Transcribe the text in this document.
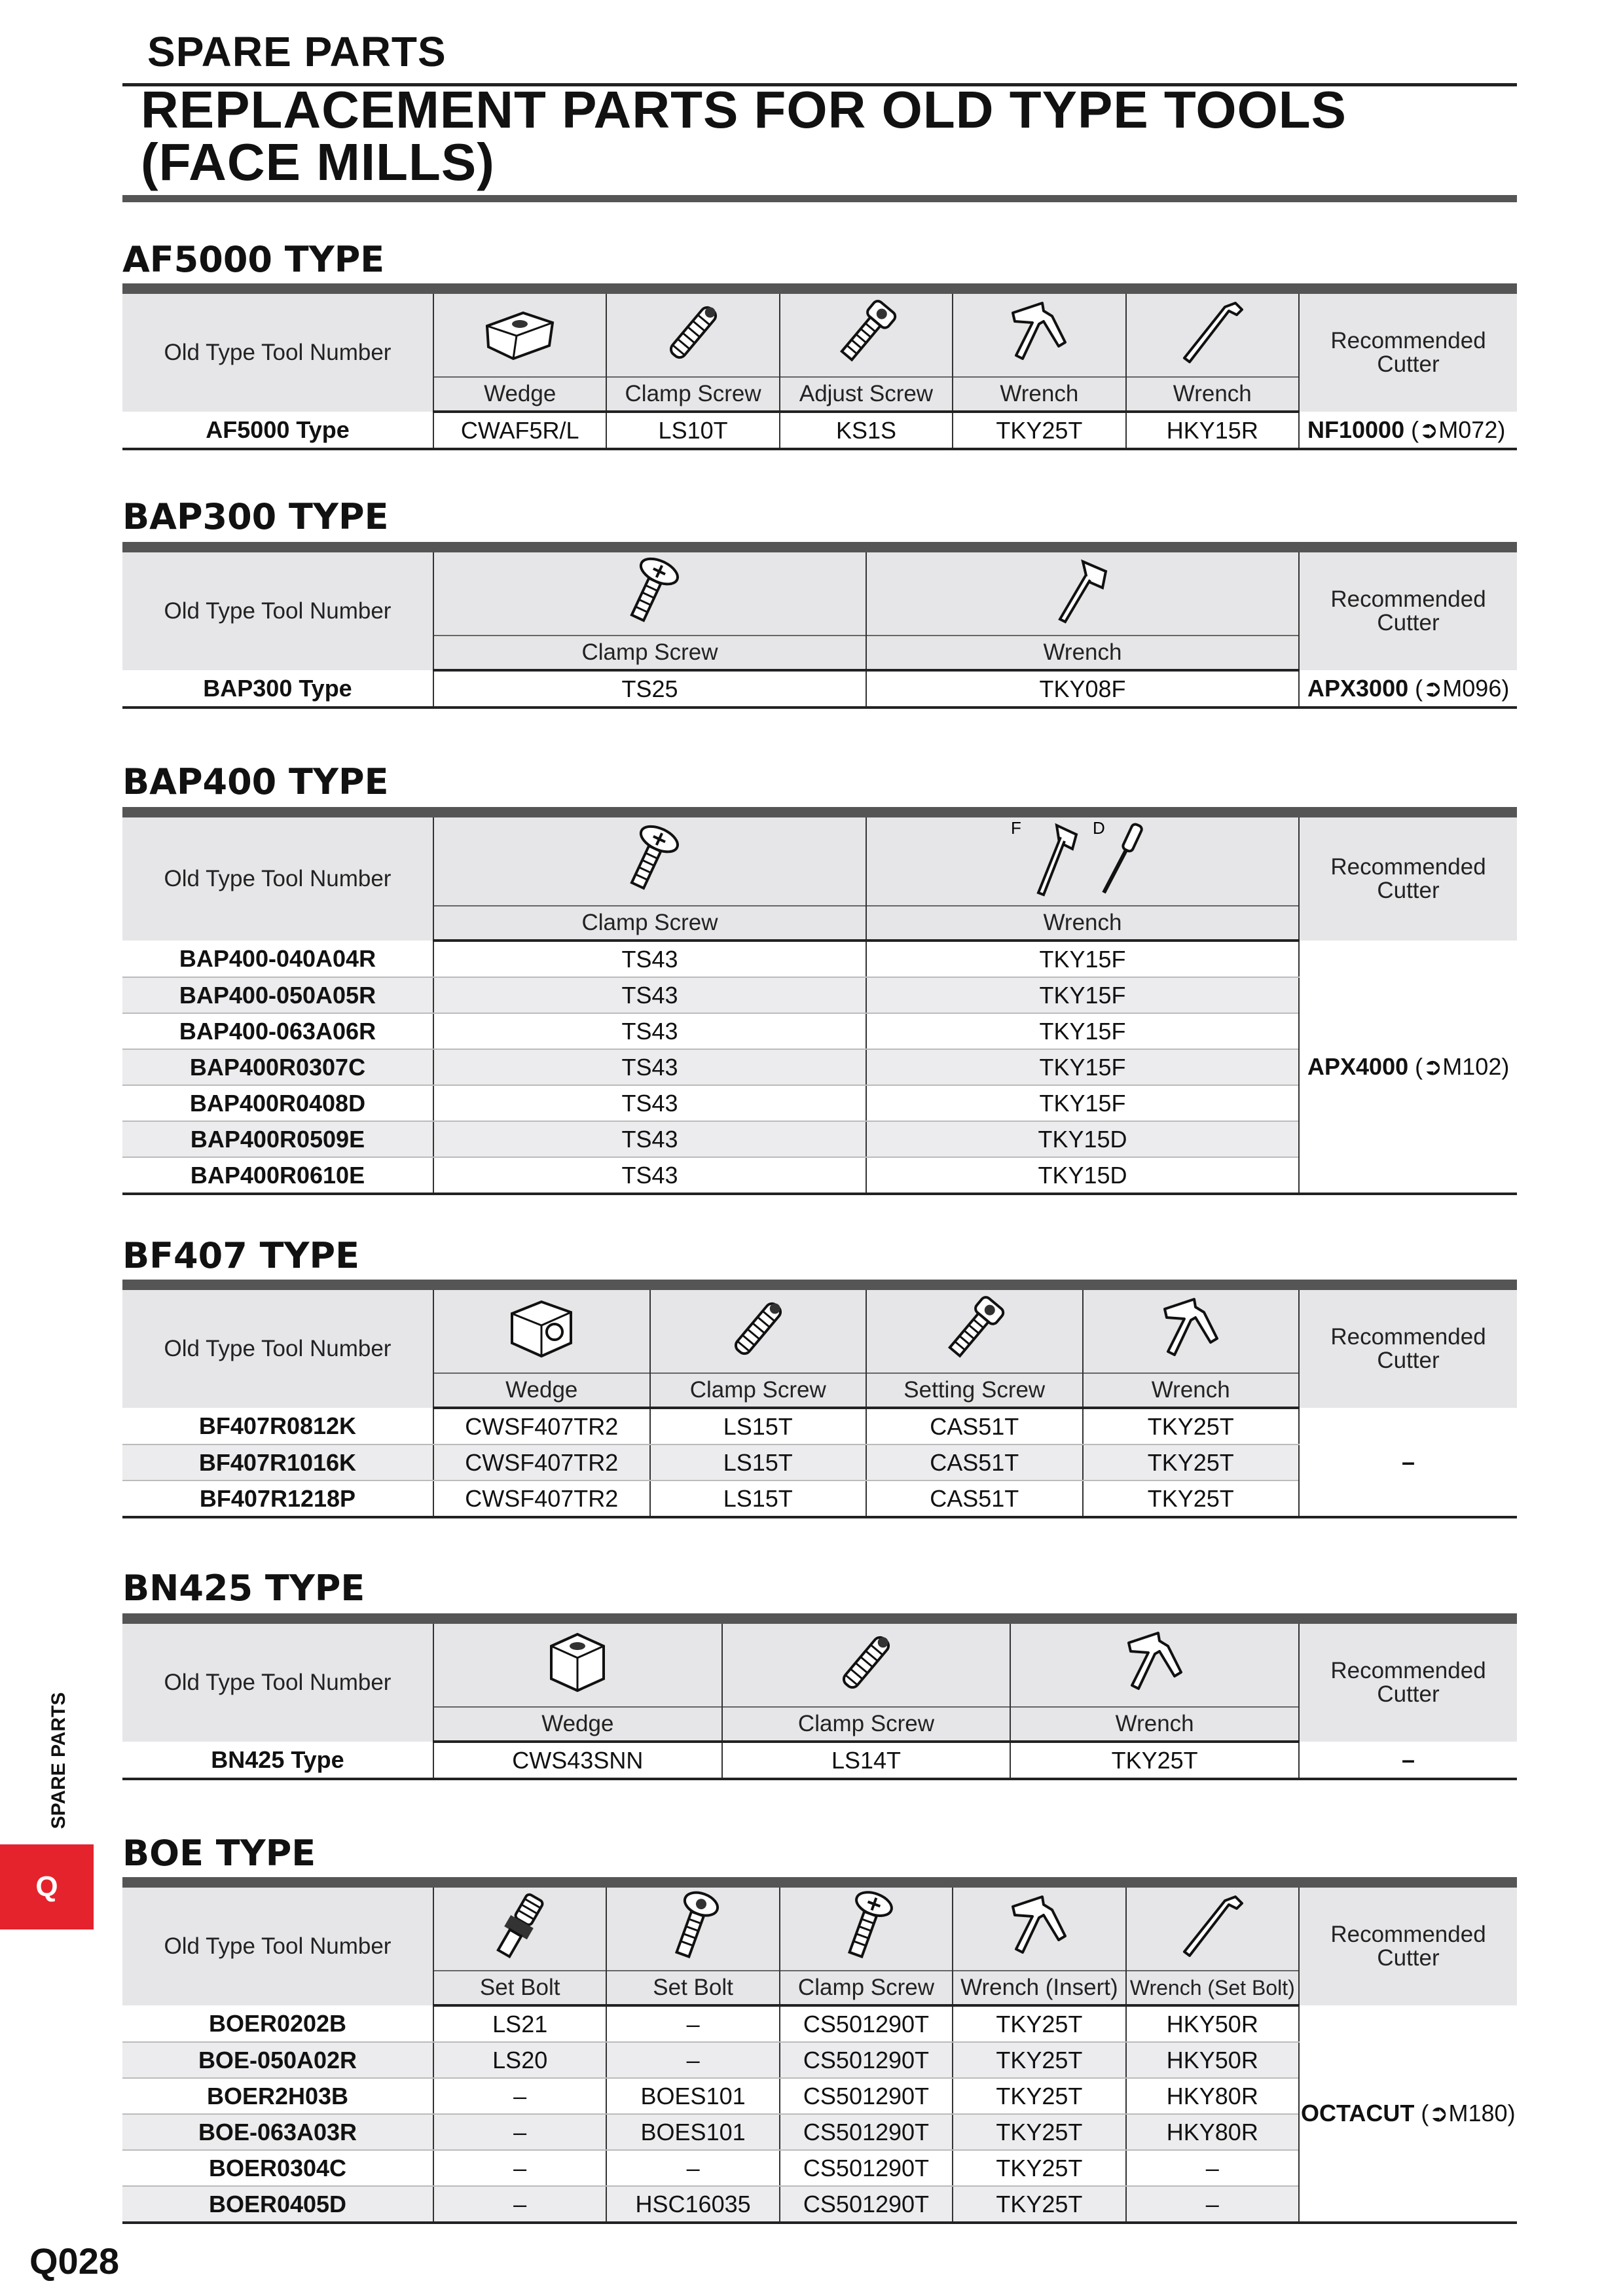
SPARE PARTS
REPLACEMENT PARTS FOR OLD TYPE TOOLS
(FACE MILLS)
AF5000 TYPE
Old Type Tool Number						Recommended
Cutter
	Wedge	Clamp Screw	Adjust Screw	Wrench	Wrench	
AF5000 Type	CWAF5R/L	LS10T	KS1S	TKY25T	HKY15R	NF10000 (➲M072)
BAP300 TYPE
Old Type Tool Number			Recommended
Cutter
	Clamp Screw	Wrench	
BAP300 Type	TS25	TKY08F	APX3000 (➲M096)
BAP400 TYPE
Old Type Tool Number		F D	Recommended
Cutter
	Clamp Screw	Wrench	
BAP400-040A04R	TS43	TKY15F	APX4000 (➲M102)
BAP400-050A05R	TS43	TKY15F	
BAP400-063A06R	TS43	TKY15F	
BAP400R0307C	TS43	TKY15F	
BAP400R0408D	TS43	TKY15F	
BAP400R0509E	TS43	TKY15D	
BAP400R0610E	TS43	TKY15D	
BF407 TYPE
Old Type Tool Number					Recommended
Cutter
	Wedge	Clamp Screw	Setting Screw	Wrench	
BF407R0812K	CWSF407TR2	LS15T	CAS51T	TKY25T	–
BF407R1016K	CWSF407TR2	LS15T	CAS51T	TKY25T	
BF407R1218P	CWSF407TR2	LS15T	CAS51T	TKY25T	
BN425 TYPE
Old Type Tool Number				Recommended
Cutter
	Wedge	Clamp Screw	Wrench	
BN425 Type	CWS43SNN	LS14T	TKY25T	–
BOE TYPE
Old Type Tool Number						Recommended
Cutter
	Set Bolt	Set Bolt	Clamp Screw	Wrench (Insert)	Wrench (Set Bolt)	
BOER0202B	LS21	–	CS501290T	TKY25T	HKY50R	OCTACUT (➲M180)
BOE-050A02R	LS20	–	CS501290T	TKY25T	HKY50R	
BOER2H03B	–	BOES101	CS501290T	TKY25T	HKY80R	
BOE-063A03R	–	BOES101	CS501290T	TKY25T	HKY80R	
BOER0304C	–	–	CS501290T	TKY25T	–	
BOER0405D	–	HSC16035	CS501290T	TKY25T	–	
SPARE PARTS
Q
Q028
